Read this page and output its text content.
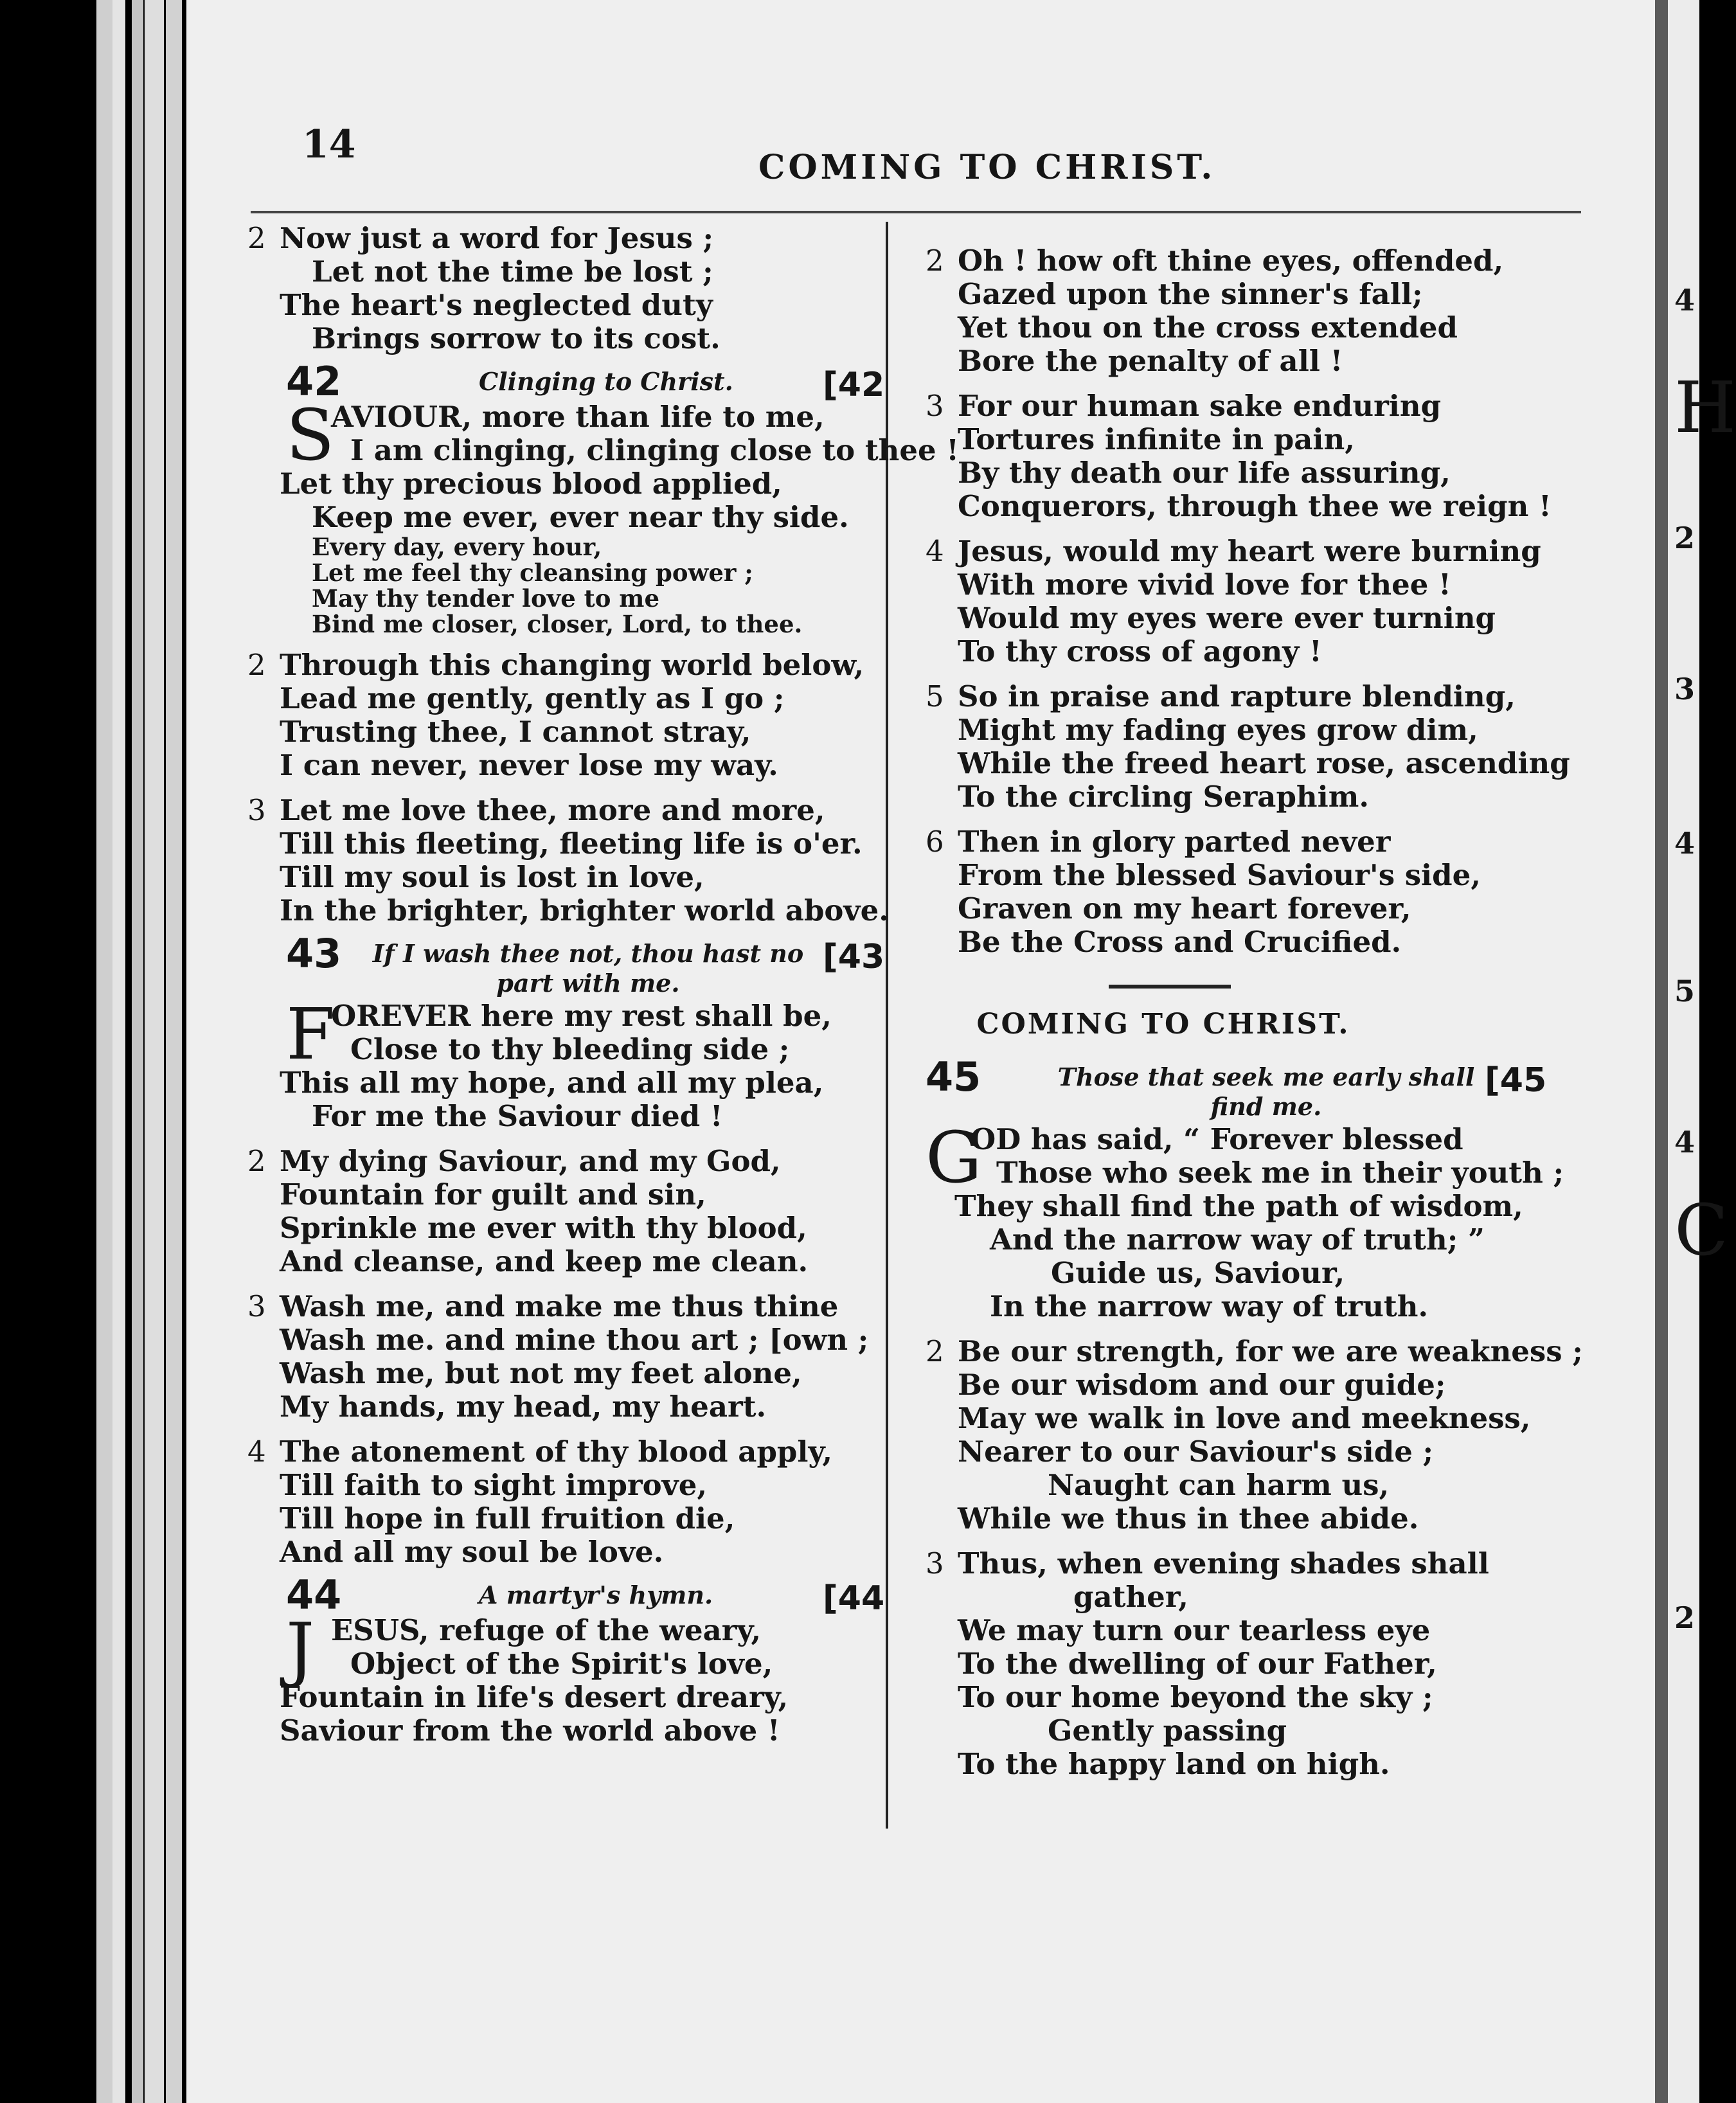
4
H
2
3
4
5
4
C
2
14
COMING TO CHRIST.
2 Now just a word for Jesus ;
Let not the time be lost ;
The heart's neglected duty
Brings sorrow to its cost.
42	Clinging to Christ.	[42
S
AVIOUR, more than life to me,
I am clinging, clinging close to thee !
Let thy precious blood applied,
Keep me ever, ever near thy side.
Every day, every hour,
Let me feel thy cleansing power ;
May thy tender love to me
Bind me closer, closer, Lord, to thee.
2 Through this changing world below,
Lead me gently, gently as I go ;
Trusting thee, I cannot stray,
I can never, never lose my way.
3 Let me love thee, more and more,
Till this fleeting, fleeting life is o'er.
Till my soul is lost in love,
In the brighter, brighter world above.
43	If I wash thee not, thou hast no part with me.
[43
F
OREVER here my rest shall be,
Close to thy bleeding side ;
This all my hope, and all my plea,
For me the Saviour died !
2 My dying Saviour, and my God,
Fountain for guilt and sin,
Sprinkle me ever with thy blood,
And cleanse, and keep me clean.
3 Wash me, and make me thus thine
Wash me. and mine thou art ; [own ;
Wash me, but not my feet alone,
My hands, my head, my heart.
4 The atonement of thy blood apply,
Till faith to sight improve,
Till hope in full fruition die,
And all my soul be love.
44	A martyr's hymn.	[44
J ESUS, refuge of the weary,
Object of the Spirit's love,
Fountain in life's desert dreary,
Saviour from the world above !
2 Oh ! how oft thine eyes, offended,
Gazed upon the sinner's fall;
Yet thou on the cross extended
Bore the penalty of all !
3 For our human sake enduring
Tortures infinite in pain,
By thy death our life assuring,
Conquerors, through thee we reign !
4 Jesus, would my heart were burning
With more vivid love for thee !
Would my eyes were ever turning
To thy cross of agony !
5 So in praise and rapture blending,
Might my fading eyes grow dim,
While the freed heart rose, ascending
To the circling Seraphim.
6 Then in glory parted never
From the blessed Saviour's side,
Graven on my heart forever,
Be the Cross and Crucified.
COMING TO CHRIST.
45	Those that seek me early shall find me.
[45
G
OD has said, “ Forever blessed
Those who seek me in their youth ;
They shall find the path of wisdom,
And the narrow way of truth; ”
Guide us, Saviour,
In the narrow way of truth.
2 Be our strength, for we are weakness ;
Be our wisdom and our guide;
May we walk in love and meekness,
Nearer to our Saviour's side ;
Naught can harm us,
While we thus in thee abide.
3 Thus, when evening shades shall
gather,
We may turn our tearless eye
To the dwelling of our Father,
To our home beyond the sky ;
Gently passing
To the happy land on high.
